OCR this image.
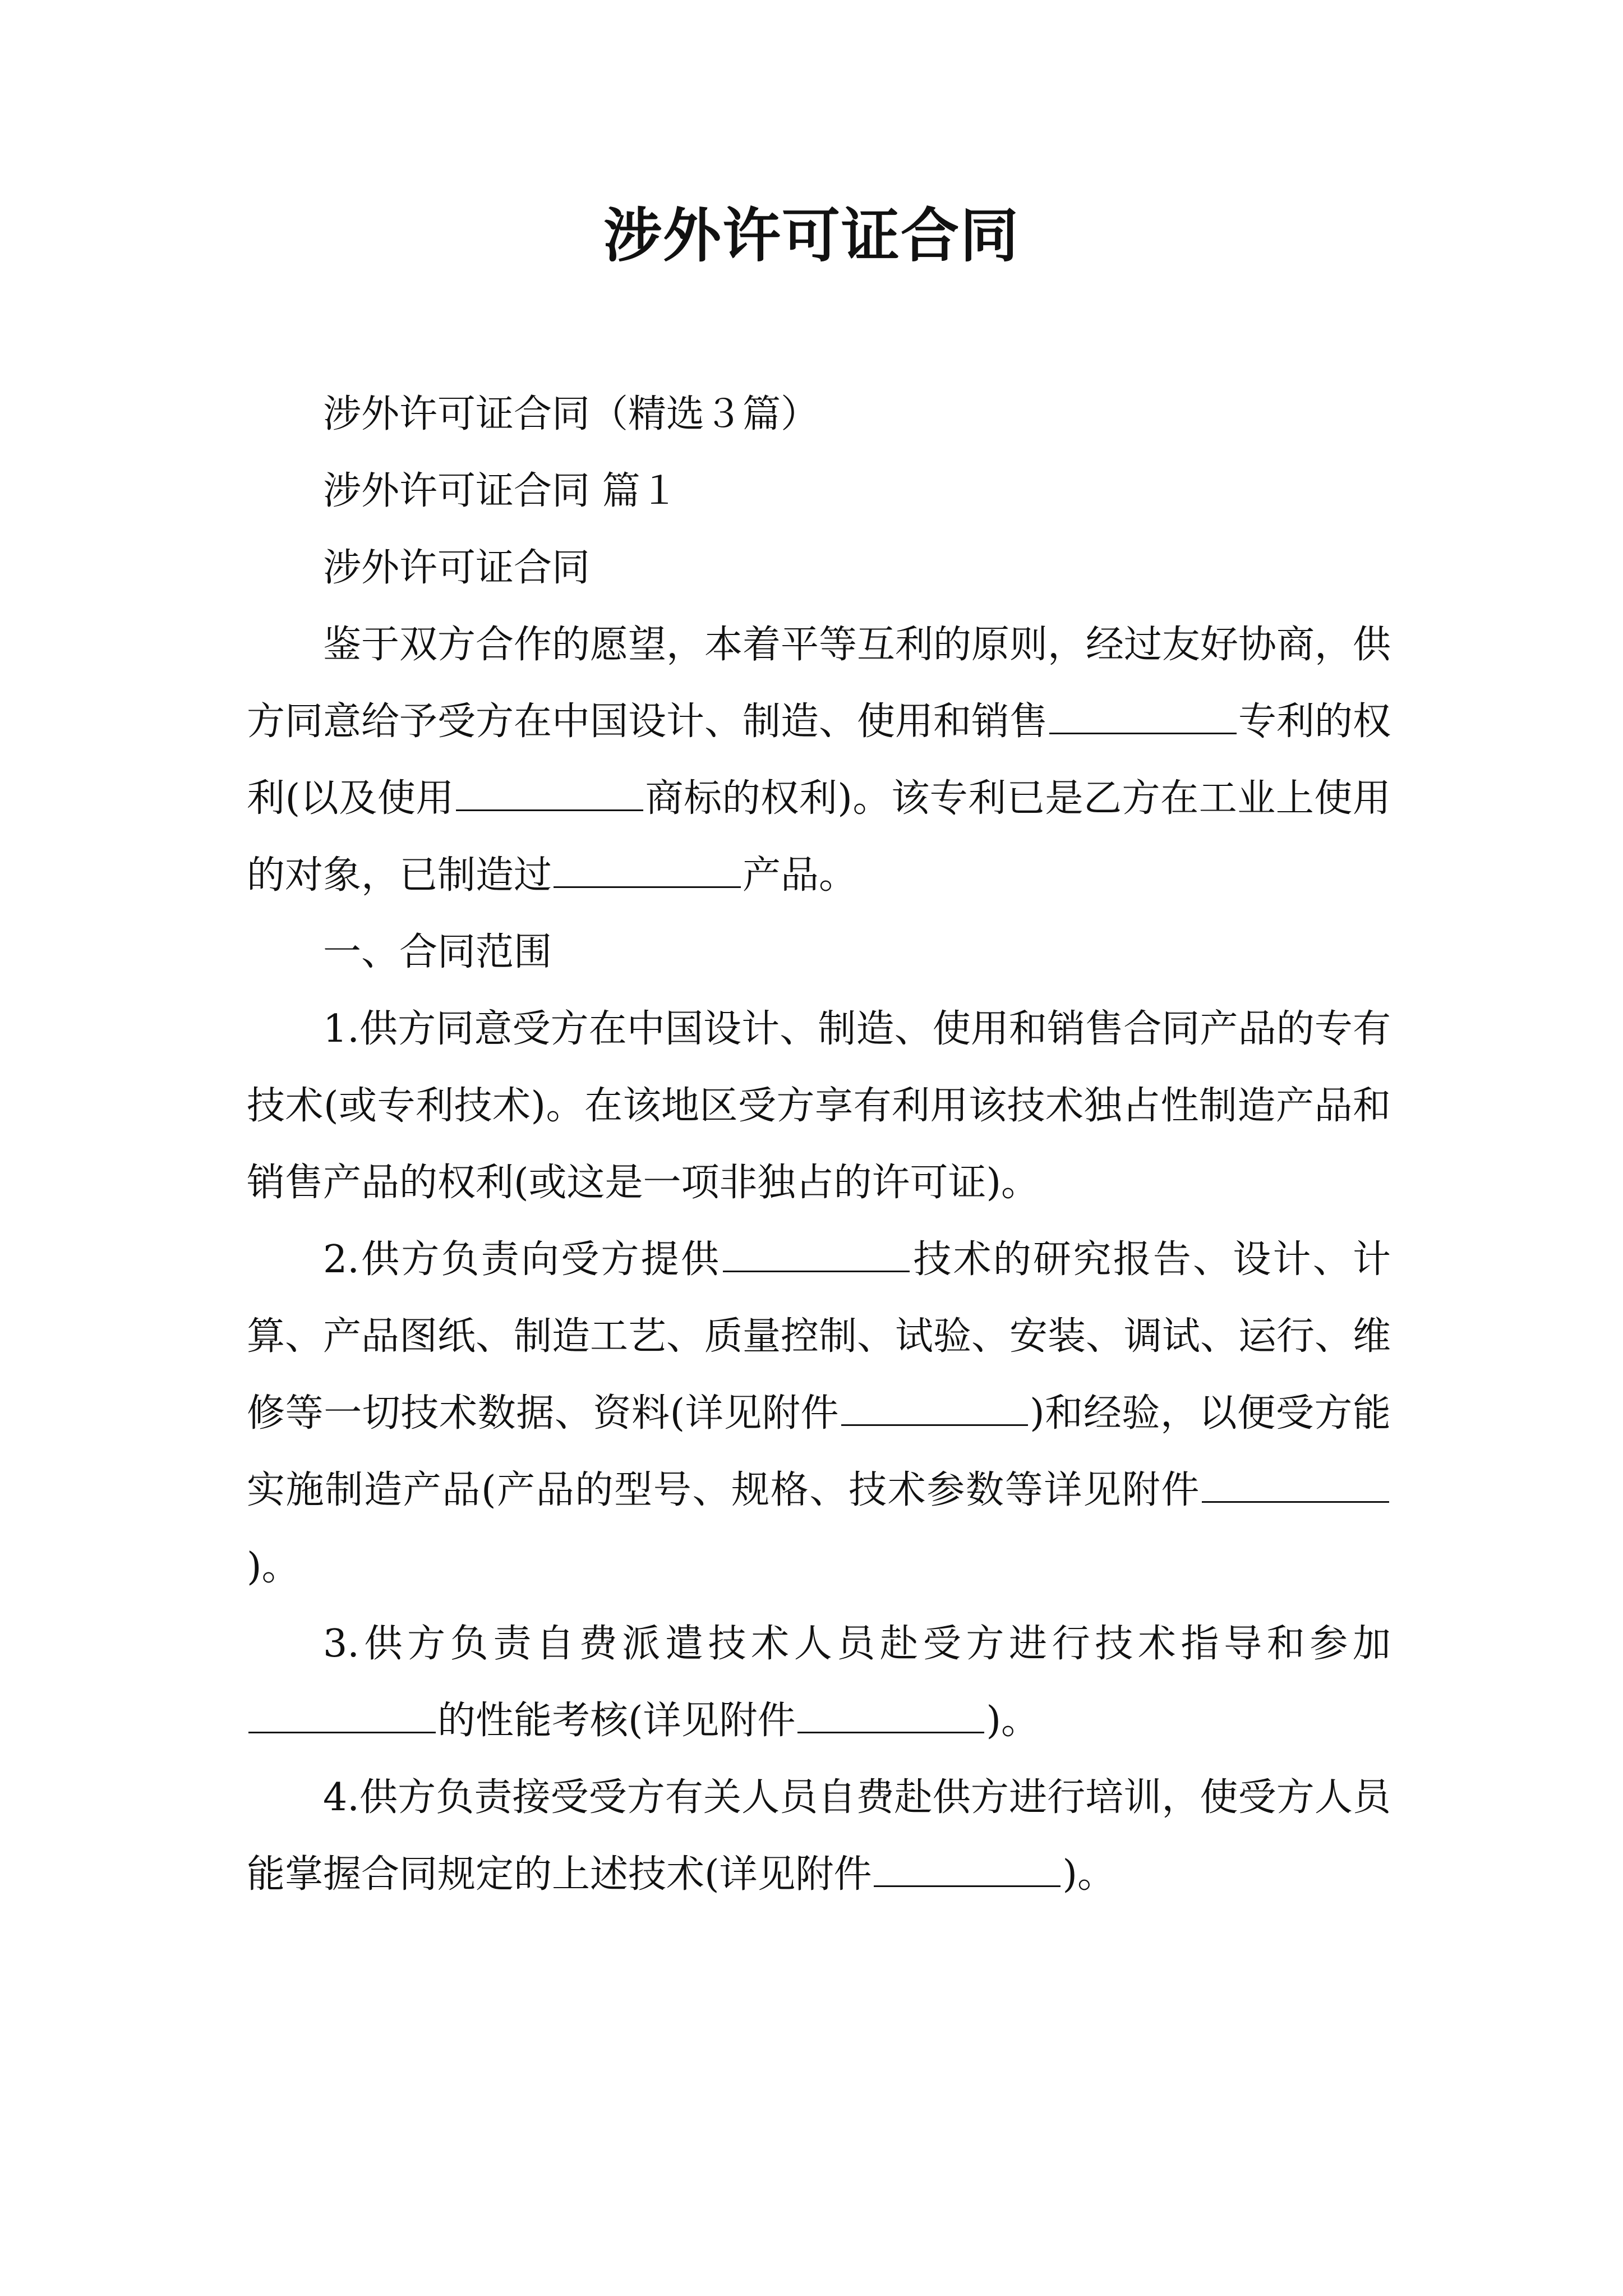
涉外许可证合同

涉外许可证合同（精选３篇）

涉外许可证合同 篇１

涉外许可证合同

鉴于双方合作的愿望，本着平等互利的原则，经过友好协商，供方同意给予受方在中国设计、制造、使用和销售	专利的权利(以及使用	商标的权利)。该专利已是乙方在工业上使用的对象，已制造过	产品。

一、合同范围

1.供方同意受方在中国设计、制造、使用和销售合同产品的专有技术(或专利技术)。在该地区受方享有利用该技术独占性制造产品和销售产品的权利(或这是一项非独占的许可证)。

2.供方负责向受方提供	技术的研究报告、设计、计算、产品图纸、制造工艺、质量控制、试验、安装、调试、运行、维修等一切技术数据、资料(详见附件	)和经验，以便受方能实施制造产品(产品的型号、规格、技术参数等详见附件)。

3.供方负责自费派遣技术人员赴受方进行技术指导和参加的性能考核(详见附件	)。

4.供方负责接受受方有关人员自费赴供方进行培训，使受方人员能掌握合同规定的上述技术(详见附件	)。
